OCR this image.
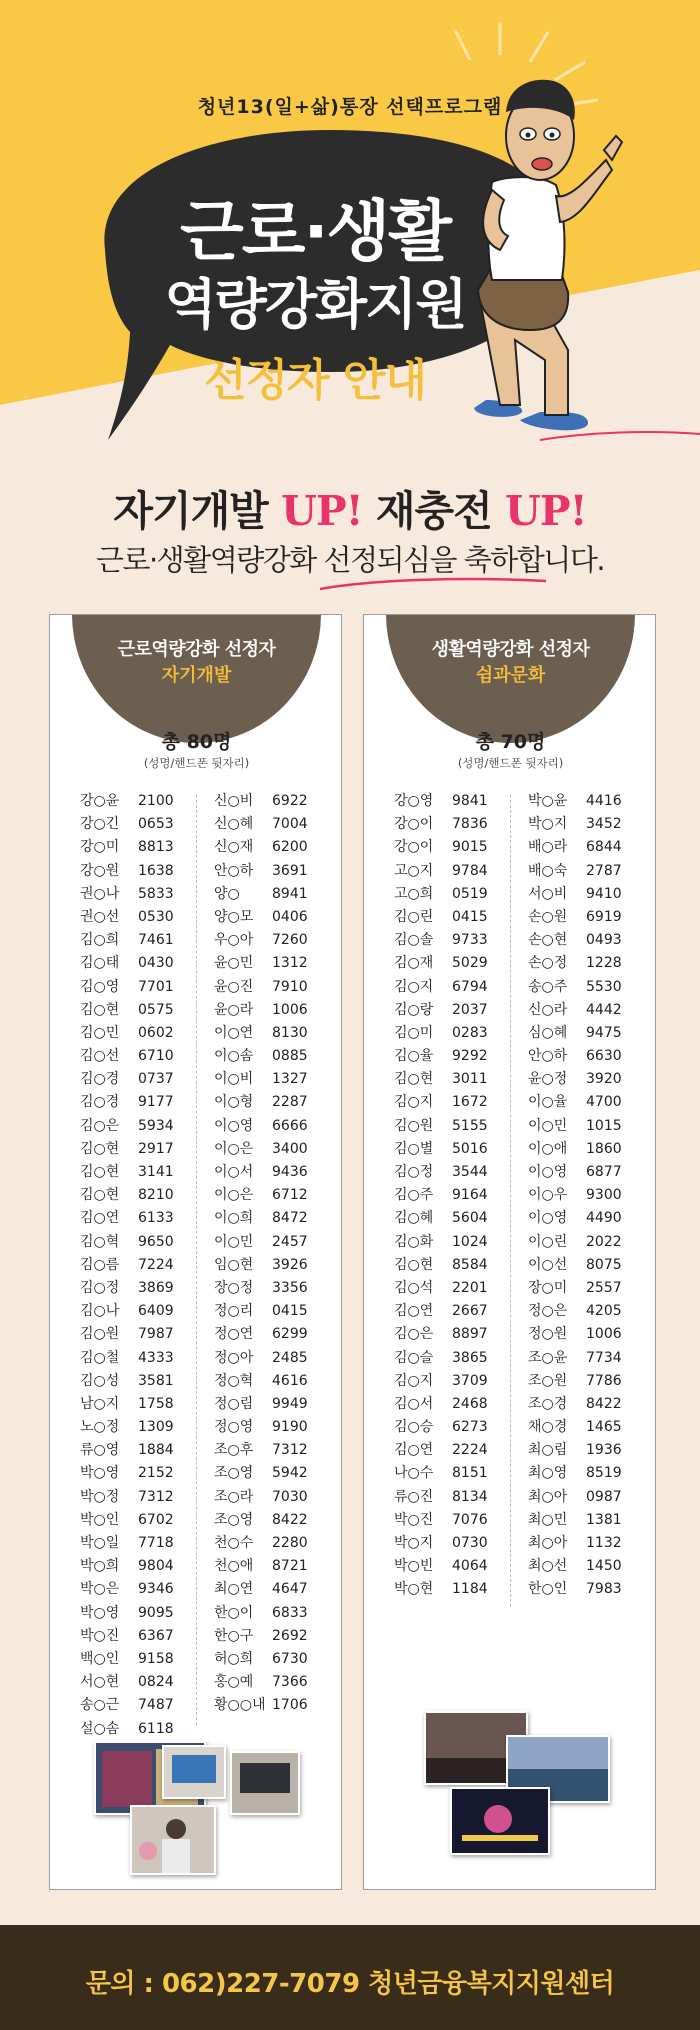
청년13(일+삶)통장 선택프로그램
근로·생활
역량강화지원
선정자 안내
자기개발 UP! 재충전 UP!
근로·생활역량강화 선정되심을 축하합니다.
근로역량강화 선정자
자기개발
총 80명
(성명/핸드폰 뒷자리)
강○윤 2100
강○긴 0653
강○미 8813
강○원 1638
권○나 5833
권○선 0530
김○희 7461
김○태 0430
김○영 7701
김○현 0575
김○민 0602
김○선 6710
김○경 0737
김○경 9177
김○은 5934
김○현 2917
김○현 3141
김○현 8210
김○연 6133
김○혁 9650
김○름 7224
김○정 3869
김○나 6409
김○원 7987
김○철 4333
김○성 3581
남○지 1758
노○정 1309
류○영 1884
박○영 2152
박○정 7312
박○인 6702
박○일 7718
박○희 9804
박○은 9346
박○영 9095
박○진 6367
백○인 9158
서○현 0824
송○근 7487
설○솜 6118
신○비 6922
신○혜 7004
신○재 6200
안○하 3691
양○ 8941
양○모 0406
우○아 7260
윤○민 1312
윤○진 7910
윤○라 1006
이○연 8130
이○솜 0885
이○비 1327
이○형 2287
이○영 6666
이○은 3400
이○서 9436
이○은 6712
이○희 8472
이○민 2457
임○현 3926
장○정 3356
정○리 0415
정○연 6299
정○아 2485
정○혁 4616
정○림 9949
정○영 9190
조○후 7312
조○영 5942
조○라 7030
조○영 8422
천○수 2280
천○애 8721
최○연 4647
한○이 6833
한○구 2692
허○희 6730
홍○예 7366
황○○내 1706
생활역량강화 선정자
쉼과문화
총 70명
(성명/핸드폰 뒷자리)
강○영 9841
강○이 7836
강○이 9015
고○지 9784
고○희 0519
김○린 0415
김○솔 9733
김○재 5029
김○지 6794
김○랑 2037
김○미 0283
김○율 9292
김○현 3011
김○지 1672
김○원 5155
김○별 5016
김○정 3544
김○주 9164
김○혜 5604
김○화 1024
김○현 8584
김○석 2201
김○연 2667
김○은 8897
김○슬 3865
김○지 3709
김○서 2468
김○승 6273
김○연 2224
나○수 8151
류○진 8134
박○진 7076
박○지 0730
박○빈 4064
박○현 1184
박○윤 4416
박○지 3452
배○라 6844
배○숙 2787
서○비 9410
손○원 6919
손○현 0493
손○정 1228
송○주 5530
신○라 4442
심○혜 9475
안○하 6630
윤○정 3920
이○율 4700
이○민 1015
이○애 1860
이○영 6877
이○우 9300
이○영 4490
이○린 2022
이○선 8075
장○미 2557
정○은 4205
정○원 1006
조○윤 7734
조○원 7786
조○경 8422
채○경 1465
최○림 1936
최○영 8519
최○아 0987
최○민 1381
최○아 1132
최○선 1450
한○인 7983
문의 : 062)227-7079 청년금융복지지원센터
